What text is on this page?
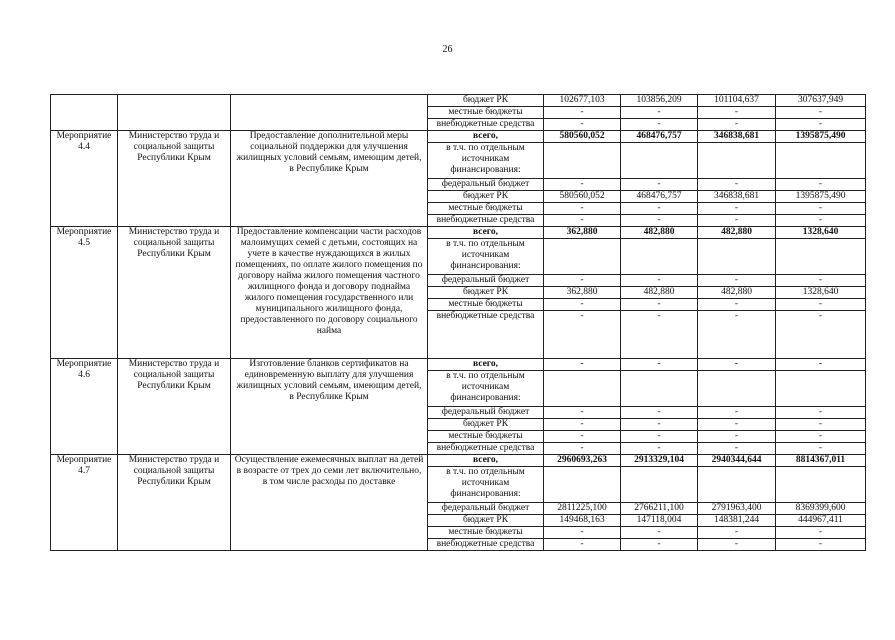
26
			бюджет РК	102677,103	103856,209	101104,637	307637,949
			местные бюджеты	-	-	-	-
			внебюджетные средства	-	-	-	-
Мероприятие 4.4	Министерство труда и социальной защиты Республики Крым	Предоставление дополнительной меры социальной поддержки для улучшения жилищных условий семьям, имеющим детей, в Республике Крым	всего,	580560,052	468476,757	346838,681	1395875,490
			в т.ч. по отдельным источникам финансирования:				
			федеральный бюджет	-	-	-	-
			бюджет РК	580560,052	468476,757	346838,681	1395875,490
			местные бюджеты	-	-	-	-
			внебюджетные средства	-	-	-	-
Мероприятие 4.5	Министерство труда и социальной защиты Республики Крым	Предоставление компенсации части расходов малоимущих семей с детьми, состоящих на учете в качестве нуждающихся в жилых помещениях, по оплате жилого помещения по договору найма жилого помещения частного жилищного фонда и договору поднайма жилого помещения государственного или муниципального жилищного фонда, предоставленного по договору социального найма	всего,	362,880	482,880	482,880	1328,640
			в т.ч. по отдельным источникам финансирования:				
			федеральный бюджет	-	-	-	-
			бюджет РК	362,880	482,880	482,880	1328,640
			местные бюджеты	-	-	-	-
			внебюджетные средства	-	-	-	-
Мероприятие 4.6	Министерство труда и социальной защиты Республики Крым	Изготовление бланков сертификатов на единовременную выплату для улучшения жилищных условий семьям, имеющим детей, в Республике Крым	всего,	-	-	-	-
			в т.ч. по отдельным источникам финансирования:				
			федеральный бюджет	-	-	-	-
			бюджет РК	-	-	-	-
			местные бюджеты	-	-	-	-
			внебюджетные средства	-	-	-	-
Мероприятие 4.7	Министерство труда и социальной защиты Республики Крым	Осуществление ежемесячных выплат на детей в возрасте от трех до семи лет включительно, в том числе расходы по доставке	всего,	2960693,263	2913329,104	2940344,644	8814367,011
			в т.ч. по отдельным источникам финансирования:				
			федеральный бюджет	2811225,100	2766211,100	2791963,400	8369399,600
			бюджет РК	149468,163	147118,004	148381,244	444967,411
			местные бюджеты	-	-	-	-
			внебюджетные средства	-	-	-	-
